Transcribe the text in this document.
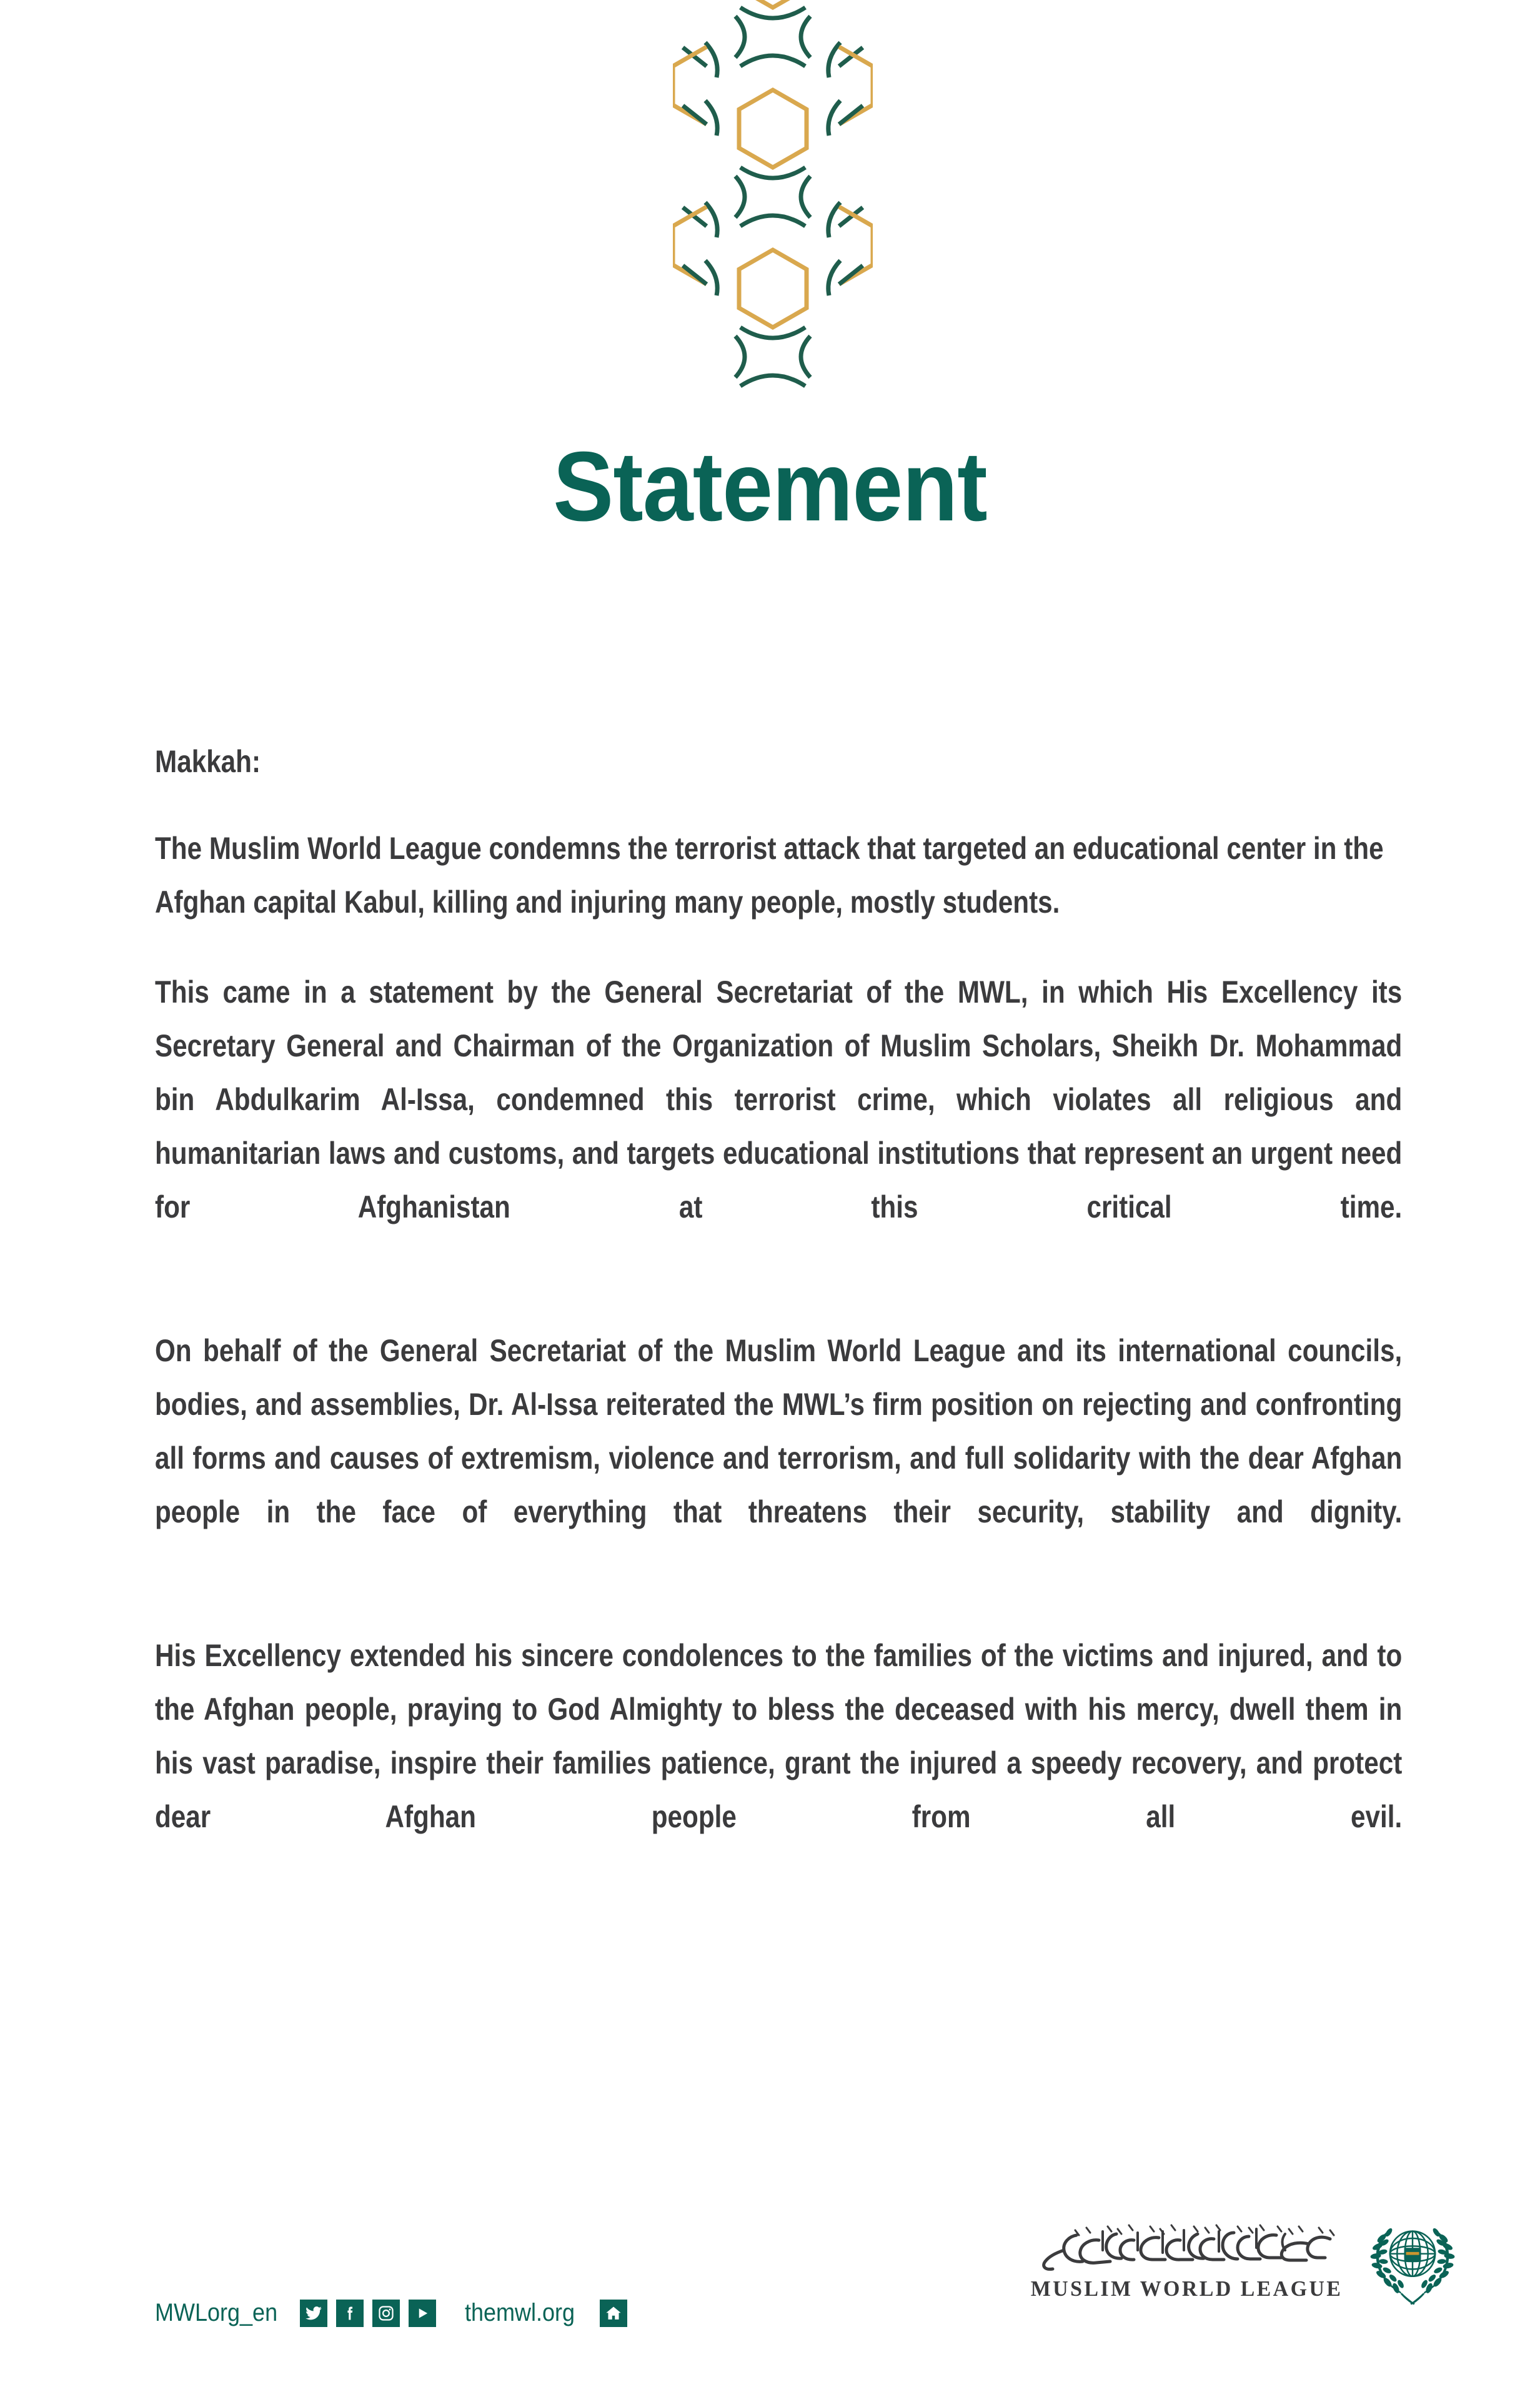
Statement

Makkah:

The Muslim World League condemns the terrorist attack that targeted an educational center in the Afghan capital Kabul, killing and injuring many people, mostly students.

This came in a statement by the General Secretariat of the MWL, in which His Excellency its Secretary General and Chairman of the Organization of Muslim Scholars, Sheikh Dr. Mohammad bin Abdulkarim Al-Issa, condemned this terrorist crime, which violates all religious and humanitarian laws and customs, and targets educational institutions that represent an urgent need for Afghanistan at this critical time.

On behalf of the General Secretariat of the Muslim World League and its international councils, bodies, and assemblies, Dr. Al-Issa reiterated the MWL’s firm position on rejecting and confronting all forms and causes of extremism, violence and terrorism, and full solidarity with the dear Afghan people in the face of everything that threatens their security, stability and dignity.

His Excellency extended his sincere condolences to the families of the victims and injured, and to the Afghan people, praying to God Almighty to bless the deceased with his mercy, dwell them in his vast paradise, inspire their families patience, grant the injured a speedy recovery, and protect dear Afghan people from all evil.

MWLorg_en	themwl.org
MUSLIM WORLD LEAGUE
